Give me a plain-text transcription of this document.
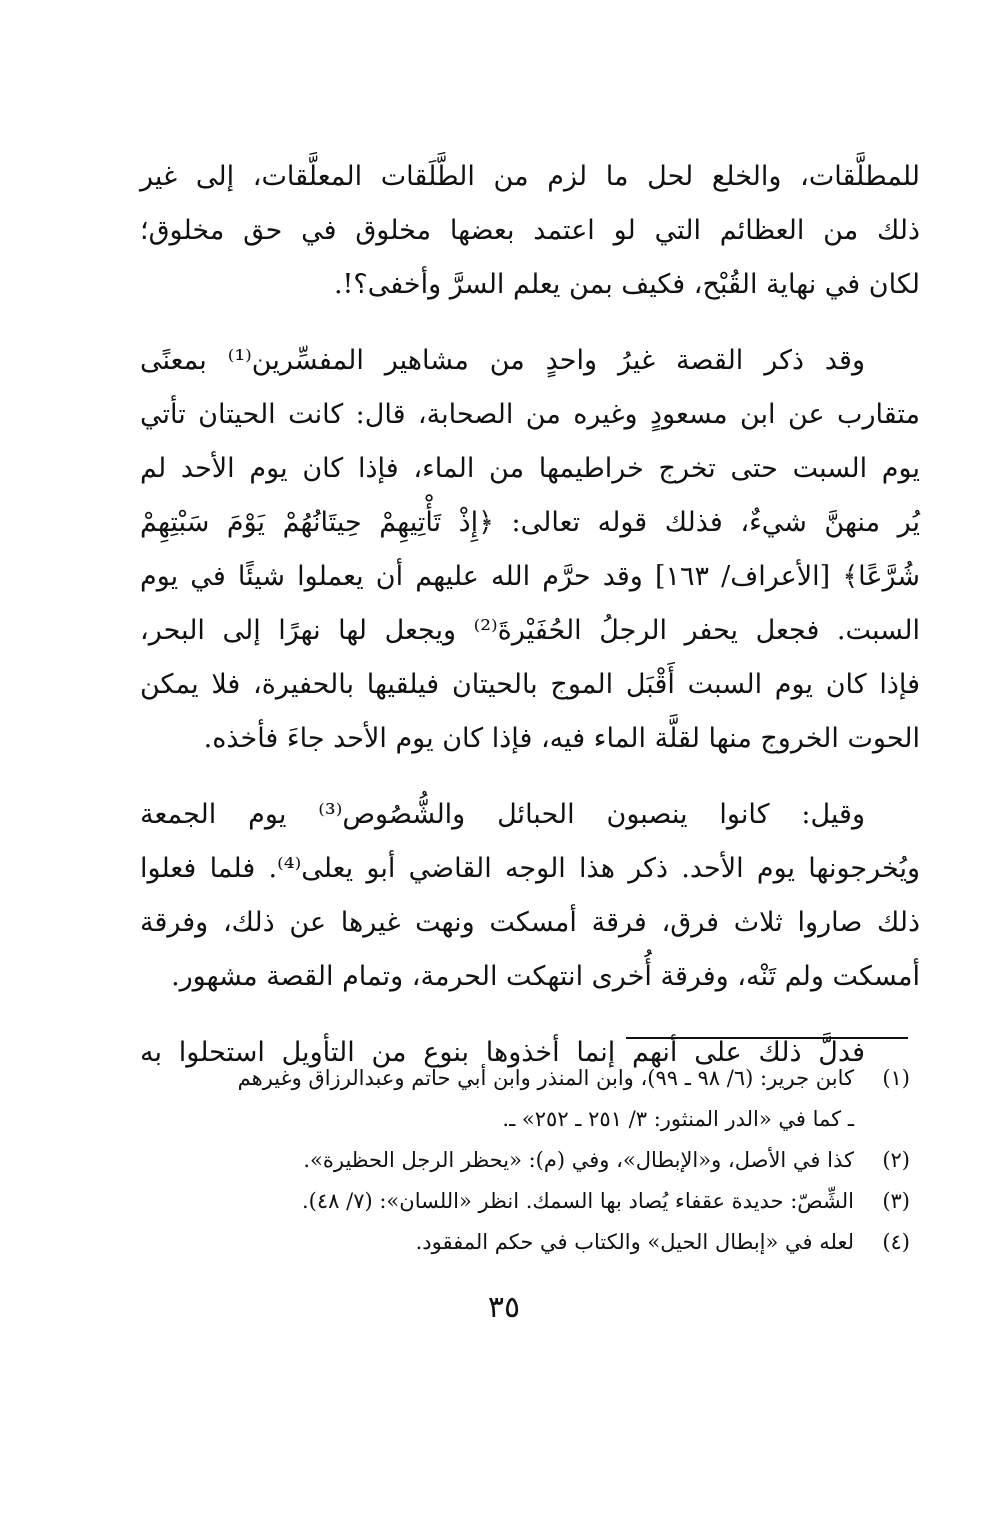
للمطلَّقات، والخلع لحل ما لزم من الطَّلَقات المعلَّقات، إلى غير
ذلك من العظائم التي لو اعتمد بعضها مخلوق في حق مخلوق؛
لكان في نهاية القُبْح، فكيف بمن يعلم السرَّ وأخفى؟!.

وقد ذكر القصة غيرُ واحدٍ من مشاهير المفسِّرين⁽¹⁾ بمعنًى
متقارب عن ابن مسعودٍ وغيره من الصحابة، قال: كانت الحيتان تأتي
يوم السبت حتى تخرج خراطيمها من الماء، فإذا كان يوم الأحد لم
يُر منهنَّ شيءٌ، فذلك قوله تعالى: ﴿إِذْ تَأْتِيهِمْ حِيتَانُهُمْ يَوْمَ سَبْتِهِمْ
شُرَّعًا﴾ [الأعراف/ ١٦٣] وقد حرَّم الله عليهم أن يعملوا شيئًا في يوم
السبت. فجعل يحفر الرجلُ الحُفَيْرةَ⁽²⁾ ويجعل لها نهرًا إلى البحر،
فإذا كان يوم السبت أَقْبَل الموج بالحيتان فيلقيها بالحفيرة، فلا يمكن
الحوت الخروج منها لقلَّة الماء فيه، فإذا كان يوم الأحد جاءَ فأخذه.

وقيل: كانوا ينصبون الحبائل والشُّصُوص⁽³⁾ يوم الجمعة
ويُخرجونها يوم الأحد. ذكر هذا الوجه القاضي أبو يعلى⁽⁴⁾. فلما فعلوا
ذلك صاروا ثلاث فرق، فرقة أمسكت ونهت غيرها عن ذلك، وفرقة
أمسكت ولم تَنْه، وفرقة أُخرى انتهكت الحرمة، وتمام القصة مشهور.

فدلَّ ذلك على أنهم إنما أخذوها بنوع من التأويل استحلوا به

(١)
كابن جرير: (٦/ ٩٨ ـ ٩٩)، وابن المنذر وابن أبي حاتم وعبدالرزاق وغيرهم
ـ كما في «الدر المنثور: ٣/ ٢٥١ ـ ٢٥٢» ـ.
(٢)
كذا في الأصل، و«الإبطال»، وفي (م): «يحظر الرجل الحظيرة».
(٣)
الشِّصّ: حديدة عقفاء يُصاد بها السمك. انظر «اللسان»: (٧/ ٤٨).
(٤)
لعله في «إبطال الحيل» والكتاب في حكم المفقود.
٣٥
